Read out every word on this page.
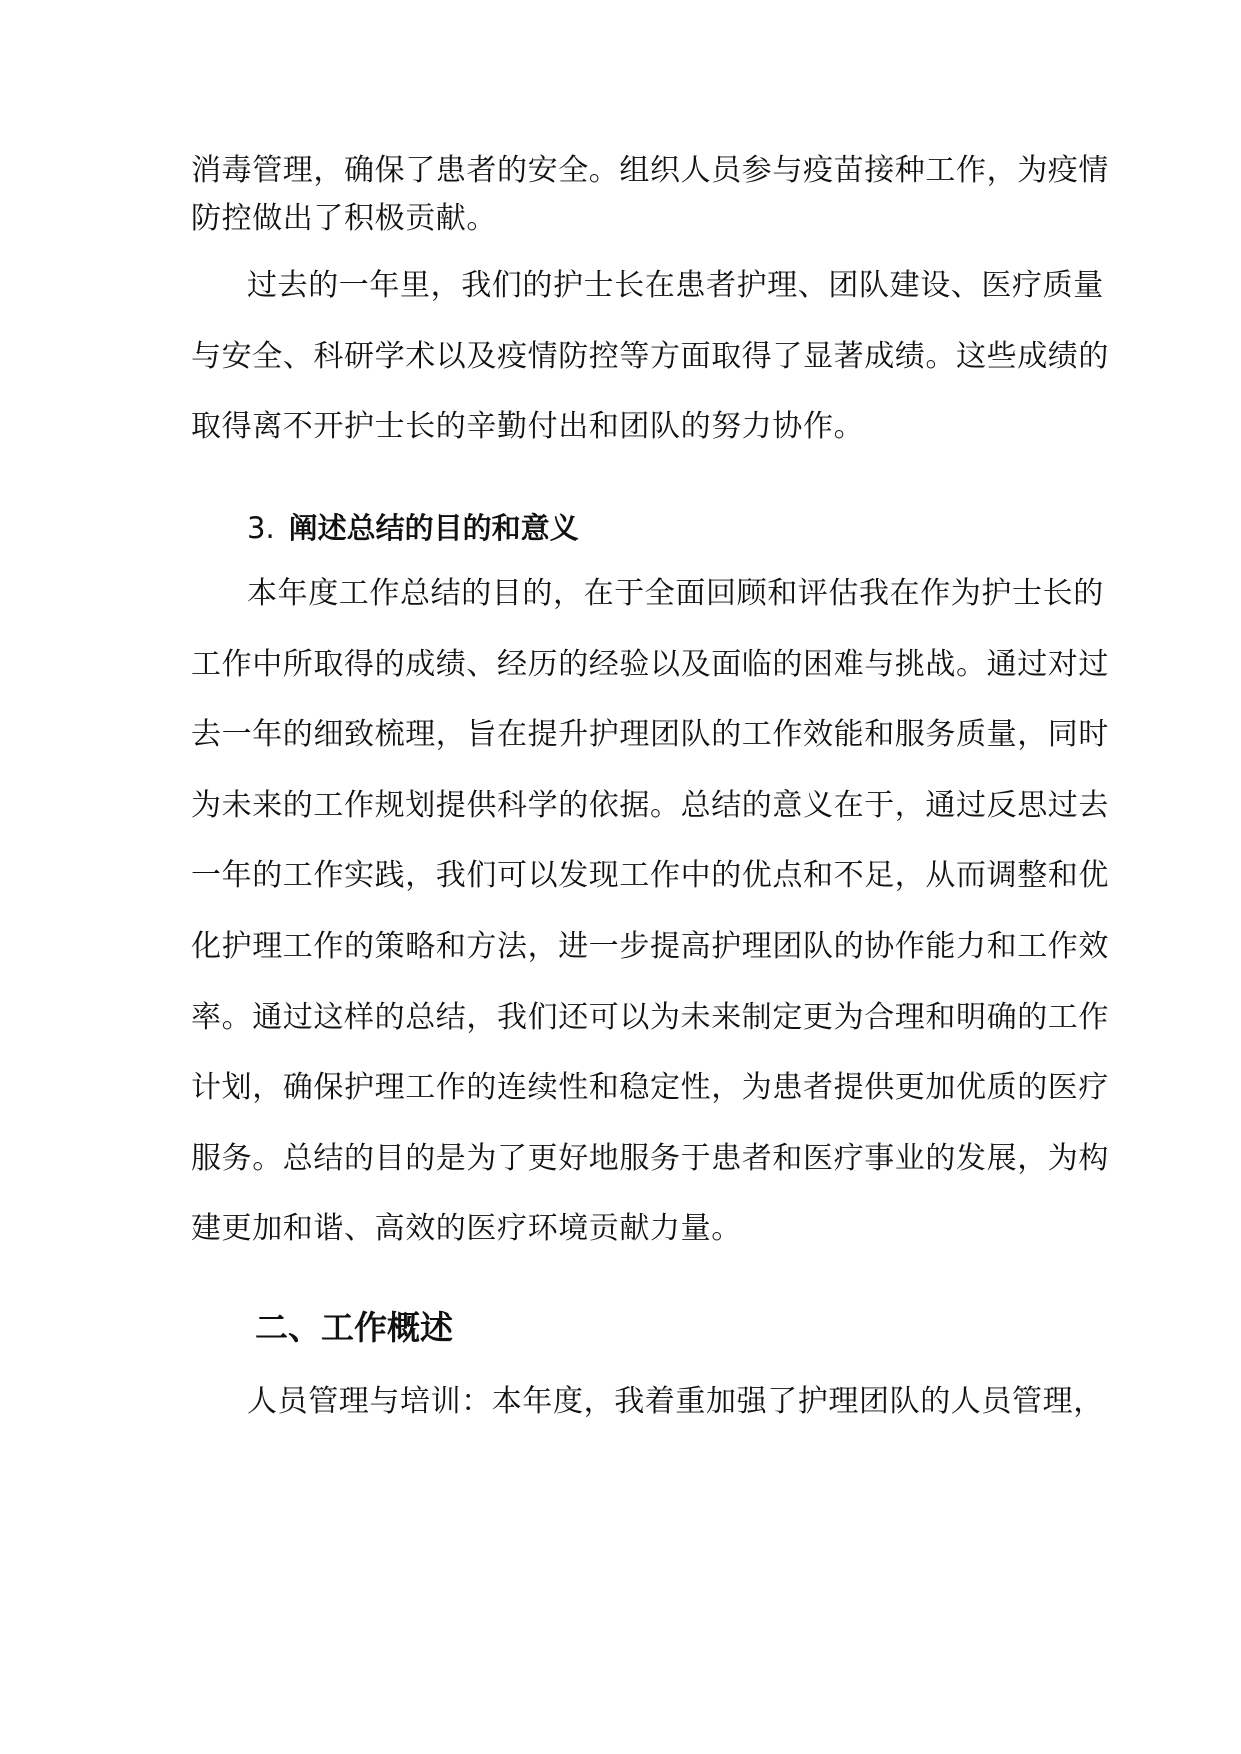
消毒管理，确保了患者的安全。组织人员参与疫苗接种工作，为疫情
防控做出了积极贡献。
过去的一年里，我们的护士长在患者护理、团队建设、医疗质量
与安全、科研学术以及疫情防控等方面取得了显著成绩。这些成绩的
取得离不开护士长的辛勤付出和团队的努力协作。
3. 阐述总结的目的和意义
本年度工作总结的目的，在于全面回顾和评估我在作为护士长的
工作中所取得的成绩、经历的经验以及面临的困难与挑战。通过对过
去一年的细致梳理，旨在提升护理团队的工作效能和服务质量，同时
为未来的工作规划提供科学的依据。总结的意义在于，通过反思过去
一年的工作实践，我们可以发现工作中的优点和不足，从而调整和优
化护理工作的策略和方法，进一步提高护理团队的协作能力和工作效
率。通过这样的总结，我们还可以为未来制定更为合理和明确的工作
计划，确保护理工作的连续性和稳定性，为患者提供更加优质的医疗
服务。总结的目的是为了更好地服务于患者和医疗事业的发展，为构
建更加和谐、高效的医疗环境贡献力量。
二、工作概述
人员管理与培训：本年度，我着重加强了护理团队的人员管理，
